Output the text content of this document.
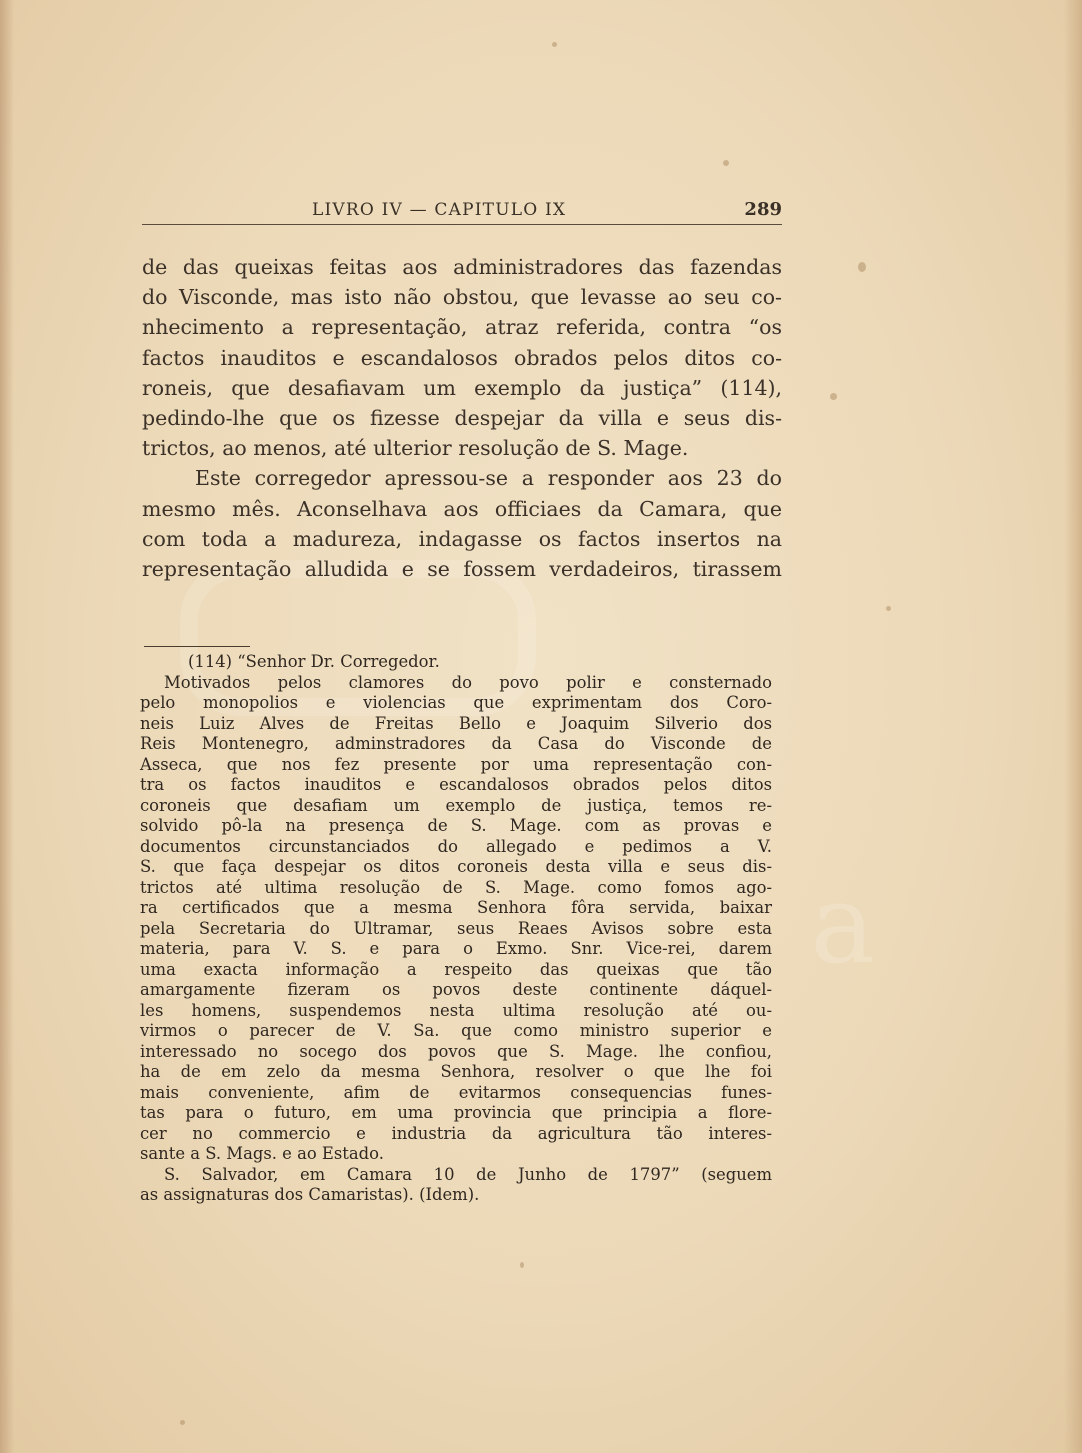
a
LIVRO IV — CAPITULO IX	289
de das queixas feitas aos administradores das fazendas
do Visconde, mas isto não obstou, que levasse ao seu co-
nhecimento a representação, atraz referida, contra “os
factos inauditos e escandalosos obrados pelos ditos co-
roneis, que desafiavam um exemplo da justiça” (114),
pedindo-lhe que os fizesse despejar da villa e seus dis-
trictos, ao menos, até ulterior resolução de S. Mage.
Este corregedor apressou-se a responder aos 23 do
mesmo mês. Aconselhava aos officiaes da Camara, que
com toda a madureza, indagasse os factos insertos na
representação alludida e se fossem verdadeiros, tirassem
(114) “Senhor Dr. Corregedor.
Motivados pelos clamores do povo polir e consternado
pelo monopolios e violencias que exprimentam dos Coro-
neis Luiz Alves de Freitas Bello e Joaquim Silverio dos
Reis Montenegro, adminstradores da Casa do Visconde de
Asseca, que nos fez presente por uma representação con-
tra os factos inauditos e escandalosos obrados pelos ditos
coroneis que desafiam um exemplo de justiça, temos re-
solvido pô-la na presença de S. Mage. com as provas e
documentos circunstanciados do allegado e pedimos a V.
S. que faça despejar os ditos coroneis desta villa e seus dis-
trictos até ultima resolução de S. Mage. como fomos ago-
ra certificados que a mesma Senhora fôra servida, baixar
pela Secretaria do Ultramar, seus Reaes Avisos sobre esta
materia, para V. S. e para o Exmo. Snr. Vice-rei, darem
uma exacta informação a respeito das queixas que tão
amargamente fizeram os povos deste continente dáquel-
les homens, suspendemos nesta ultima resolução até ou-
virmos o parecer de V. Sa. que como ministro superior e
interessado no socego dos povos que S. Mage. lhe confiou,
ha de em zelo da mesma Senhora, resolver o que lhe foi
mais conveniente, afim de evitarmos consequencias funes-
tas para o futuro, em uma provincia que principia a flore-
cer no commercio e industria da agricultura tão interes-
sante a S. Mags. e ao Estado.
S. Salvador, em Camara 10 de Junho de 1797” (seguem
as assignaturas dos Camaristas). (Idem).
